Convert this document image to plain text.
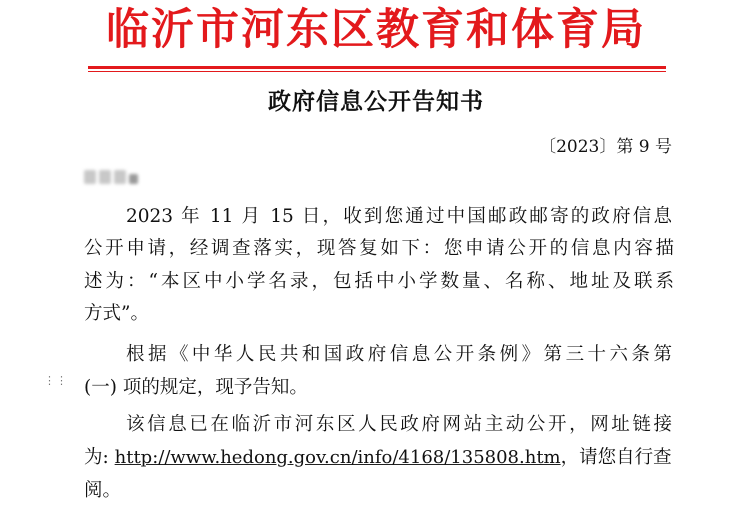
临沂市河东区教育和体育局
政府信息公开告知书
〔2023〕第 9 号
2023 年 11 月 15 日，收到您通过中国邮政邮寄的政府信息
公开申请，经调查落实，现答复如下：您申请公开的信息内容描
述为：“本区中小学名录，包括中小学数量、名称、地址及联系
方式”。
根据《中华人民共和国政府信息公开条例》第三十六条第
⋮⋮ (一) 项的规定，现予告知。
该信息已在临沂市河东区人民政府网站主动公开，网址链接
为: http://www.hedong.gov.cn/info/4168/135808.htm，请您自行查
阅。
